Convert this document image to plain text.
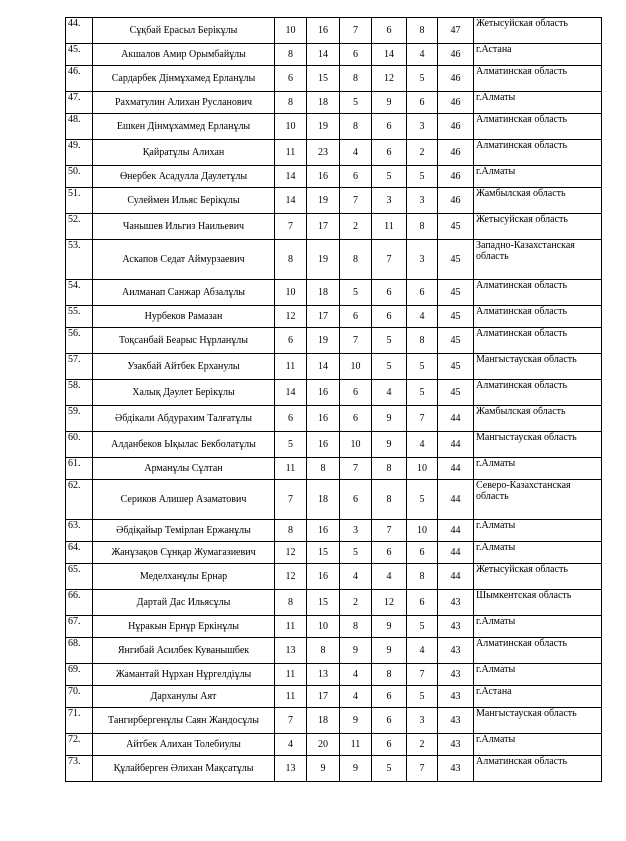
44.	Сұқбай Ерасыл Берікұлы	10	16	7	6	8	47	Жетысуйская область
45.	Акшалов Амир Орымбайұлы	8	14	6	14	4	46	г.Астана
46.	Сардарбек Дінмұхамед Ерланұлы	6	15	8	12	5	46	Алматинская область
47.	Рахматулин Алихан Русланович	8	18	5	9	6	46	г.Алматы
48.	Ешкен Дінмұхаммед Ерланұлы	10	19	8	6	3	46	Алматинская область
49.	Қайратұлы Алихан	11	23	4	6	2	46	Алматинская область
50.	Өнербек Асадулла Даулетұлы	14	16	6	5	5	46	г.Алматы
51.	Сулеймен Ильяс Берікұлы	14	19	7	3	3	46	Жамбылская область
52.	Чанышев Ильгиз Наильевич	7	17	2	11	8	45	Жетысуйская область
53.	Аскапов Седат Аймурзаевич	8	19	8	7	3	45	Западно-Казахстанская область
54.	Аилманап Санжар Абзалұлы	10	18	5	6	6	45	Алматинская область
55.	Нурбеков Рамазан	12	17	6	6	4	45	Алматинская область
56.	Тоқсанбай Беарыс Нұрланұлы	6	19	7	5	8	45	Алматинская область
57.	Узакбай Айтбек Ерханулы	11	14	10	5	5	45	Мангыстауская область
58.	Халық Дәулет Берікұлы	14	16	6	4	5	45	Алматинская область
59.	Әбдікали Абдурахим Талғатұлы	6	16	6	9	7	44	Жамбылская область
60.	Алданбеков Ықылас Бекболатұлы	5	16	10	9	4	44	Мангыстауская область
61.	Арманұлы Сұлтан	11	8	7	8	10	44	г.Алматы
62.	Сериков Алишер Азаматович	7	18	6	8	5	44	Северо-Казахстанская область
63.	Әбдіқайыр Темірлан Ержанұлы	8	16	3	7	10	44	г.Алматы
64.	Жанұзақов Сұнқар Жумагазиевич	12	15	5	6	6	44	г.Алматы
65.	Меделханұлы Ернар	12	16	4	4	8	44	Жетысуйская область
66.	Дартай Дас Ильясұлы	8	15	2	12	6	43	Шымкентская область
67.	Нұракын Ернұр Еркінұлы	11	10	8	9	5	43	г.Алматы
68.	Янгибай Асилбек Куванышбек	13	8	9	9	4	43	Алматинская область
69.	Жамантай Нұрхан Нұргелдіұлы	11	13	4	8	7	43	г.Алматы
70.	Дарханулы Аят	11	17	4	6	5	43	г.Астана
71.	Тангирбергенұлы Саян Жандосұлы	7	18	9	6	3	43	Мангыстауская область
72.	Айтбек Алихан Толебиулы	4	20	11	6	2	43	г.Алматы
73.	Құлайберген Әлихан Мақсатұлы	13	9	9	5	7	43	Алматинская область
